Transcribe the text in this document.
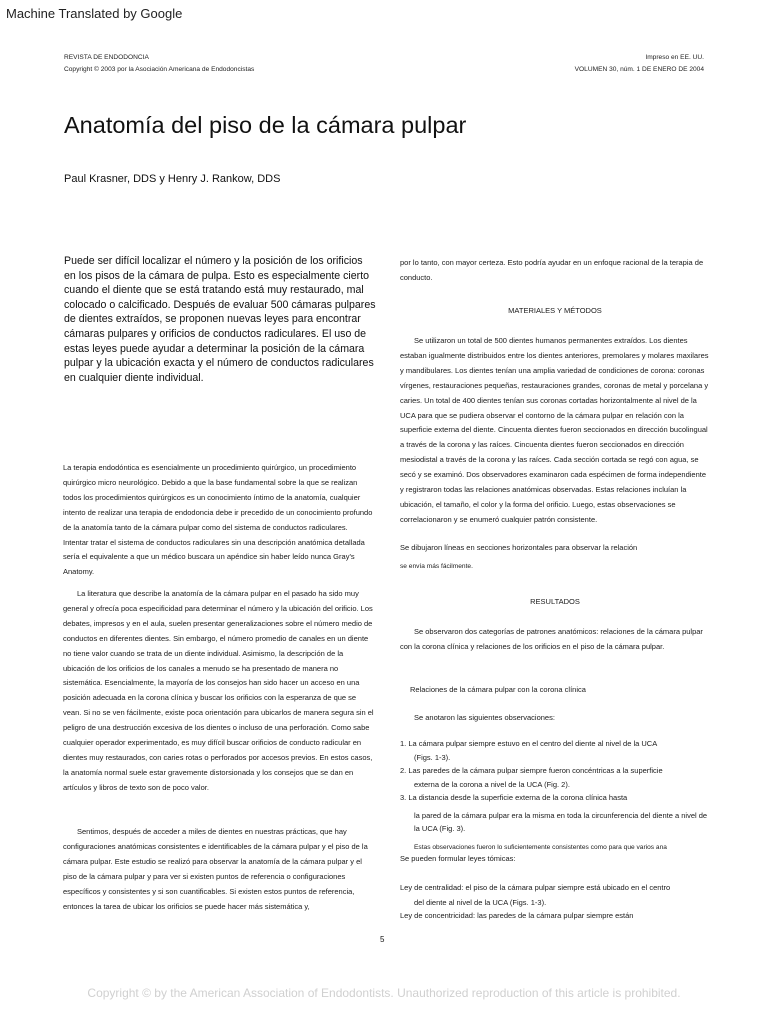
Machine Translated by Google
REVISTA DE ENDODONCIA
Copyright © 2003 por la Asociación Americana de Endodoncistas
Impreso en EE. UU.
VOLUMEN 30, núm. 1 DE ENERO DE 2004
Anatomía del piso de la cámara pulpar
Paul Krasner, DDS y Henry J. Rankow, DDS
Puede ser difícil localizar el número y la posición de los orificios en los pisos de la cámara de pulpa. Esto es especialmente cierto cuando el diente que se está tratando está muy restaurado, mal colocado o calcificado. Después de evaluar 500 cámaras pulpares de dientes extraídos, se proponen nuevas leyes para encontrar cámaras pulpares y orificios de conductos radiculares. El uso de estas leyes puede ayudar a determinar la posición de la cámara pulpar y la ubicación exacta y el número de conductos radiculares en cualquier diente individual.
La terapia endodóntica es esencialmente un procedimiento quirúrgico, un procedimiento quirúrgico micro neurológico. Debido a que la base fundamental sobre la que se realizan todos los procedimientos quirúrgicos es un conocimiento íntimo de la anatomía, cualquier intento de realizar una terapia de endodoncia debe ir precedido de un conocimiento profundo de la anatomía tanto de la cámara pulpar como del sistema de conductos radiculares. Intentar tratar el sistema de conductos radiculares sin una descripción anatómica detallada sería el equivalente a que un médico buscara un apéndice sin haber leído nunca Gray's Anatomy.
La literatura que describe la anatomía de la cámara pulpar en el pasado ha sido muy general y ofrecía poca especificidad para determinar el número y la ubicación del orificio. Los debates, impresos y en el aula, suelen presentar generalizaciones sobre el número medio de conductos en diferentes dientes. Sin embargo, el número promedio de canales en un diente no tiene valor cuando se trata de un diente individual. Asimismo, la descripción de la ubicación de los orificios de los canales a menudo se ha presentado de manera no sistemática. Esencialmente, la mayoría de los consejos han sido hacer un acceso en una posición adecuada en la corona clínica y buscar los orificios con la esperanza de que se vean. Si no se ven fácilmente, existe poca orientación para ubicarlos de manera segura sin el peligro de una destrucción excesiva de los dientes o incluso de una perforación. Como sabe cualquier operador experimentado, es muy difícil buscar orificios de conducto radicular en dientes muy restaurados, con caries rotas o perforados por accesos previos. En estos casos, la anatomía normal suele estar gravemente distorsionada y los consejos que se dan en artículos y libros de texto son de poco valor.
Sentimos, después de acceder a miles de dientes en nuestras prácticas, que hay configuraciones anatómicas consistentes e identificables de la cámara pulpar y el piso de la cámara pulpar. Este estudio se realizó para observar la anatomía de la cámara pulpar y el piso de la cámara pulpar y para ver si existen puntos de referencia o configuraciones específicos y consistentes y si son cuantificables. Si existen estos puntos de referencia, entonces la tarea de ubicar los orificios se puede hacer más sistemática y,
por lo tanto, con mayor certeza. Esto podría ayudar en un enfoque racional de la terapia de conducto.
MATERIALES Y MÉTODOS
Se utilizaron un total de 500 dientes humanos permanentes extraídos. Los dientes estaban igualmente distribuidos entre los dientes anteriores, premolares y molares maxilares y mandibulares. Los dientes tenían una amplia variedad de condiciones de corona: coronas vírgenes, restauraciones pequeñas, restauraciones grandes, coronas de metal y porcelana y caries. Un total de 400 dientes tenían sus coronas cortadas horizontalmente al nivel de la UCA para que se pudiera observar el contorno de la cámara pulpar en relación con la superficie externa del diente. Cincuenta dientes fueron seccionados en dirección bucolingual a través de la corona y las raíces. Cincuenta dientes fueron seccionados en dirección mesiodistal a través de la corona y las raíces. Cada sección cortada se regó con agua, se secó y se examinó. Dos observadores examinaron cada espécimen de forma independiente y registraron todas las relaciones anatómicas observadas. Estas relaciones incluían la ubicación, el tamaño, el color y la forma del orificio. Luego, estas observaciones se correlacionaron y se enumeró cualquier patrón consistente.
Se dibujaron líneas en secciones horizontales para observar la relación
se envía más fácilmente.
RESULTADOS
Se observaron dos categorías de patrones anatómicos: relaciones de la cámara pulpar con la corona clínica y relaciones de los orificios en el piso de la cámara pulpar.
Relaciones de la cámara pulpar con la corona clínica
Se anotaron las siguientes observaciones:
1. La cámara pulpar siempre estuvo en el centro del diente al nivel de la UCA
(Figs. 1-3).
2. Las paredes de la cámara pulpar siempre fueron concéntricas a la superficie
externa de la corona a nivel de la UCA (Fig. 2).
3. La distancia desde la superficie externa de la corona clínica hasta
la pared de la cámara pulpar era la misma en toda la circunferencia del diente a nivel de la UCA (Fig. 3).
Estas observaciones fueron lo suficientemente consistentes como para que varios ana
Se pueden formular leyes tómicas:
Ley de centralidad: el piso de la cámara pulpar siempre está ubicado en el centro
del diente al nivel de la UCA (Figs. 1-3).
Ley de concentricidad: las paredes de la cámara pulpar siempre están
5
Copyright © by the American Association of Endodontists. Unauthorized reproduction of this article is prohibited.
